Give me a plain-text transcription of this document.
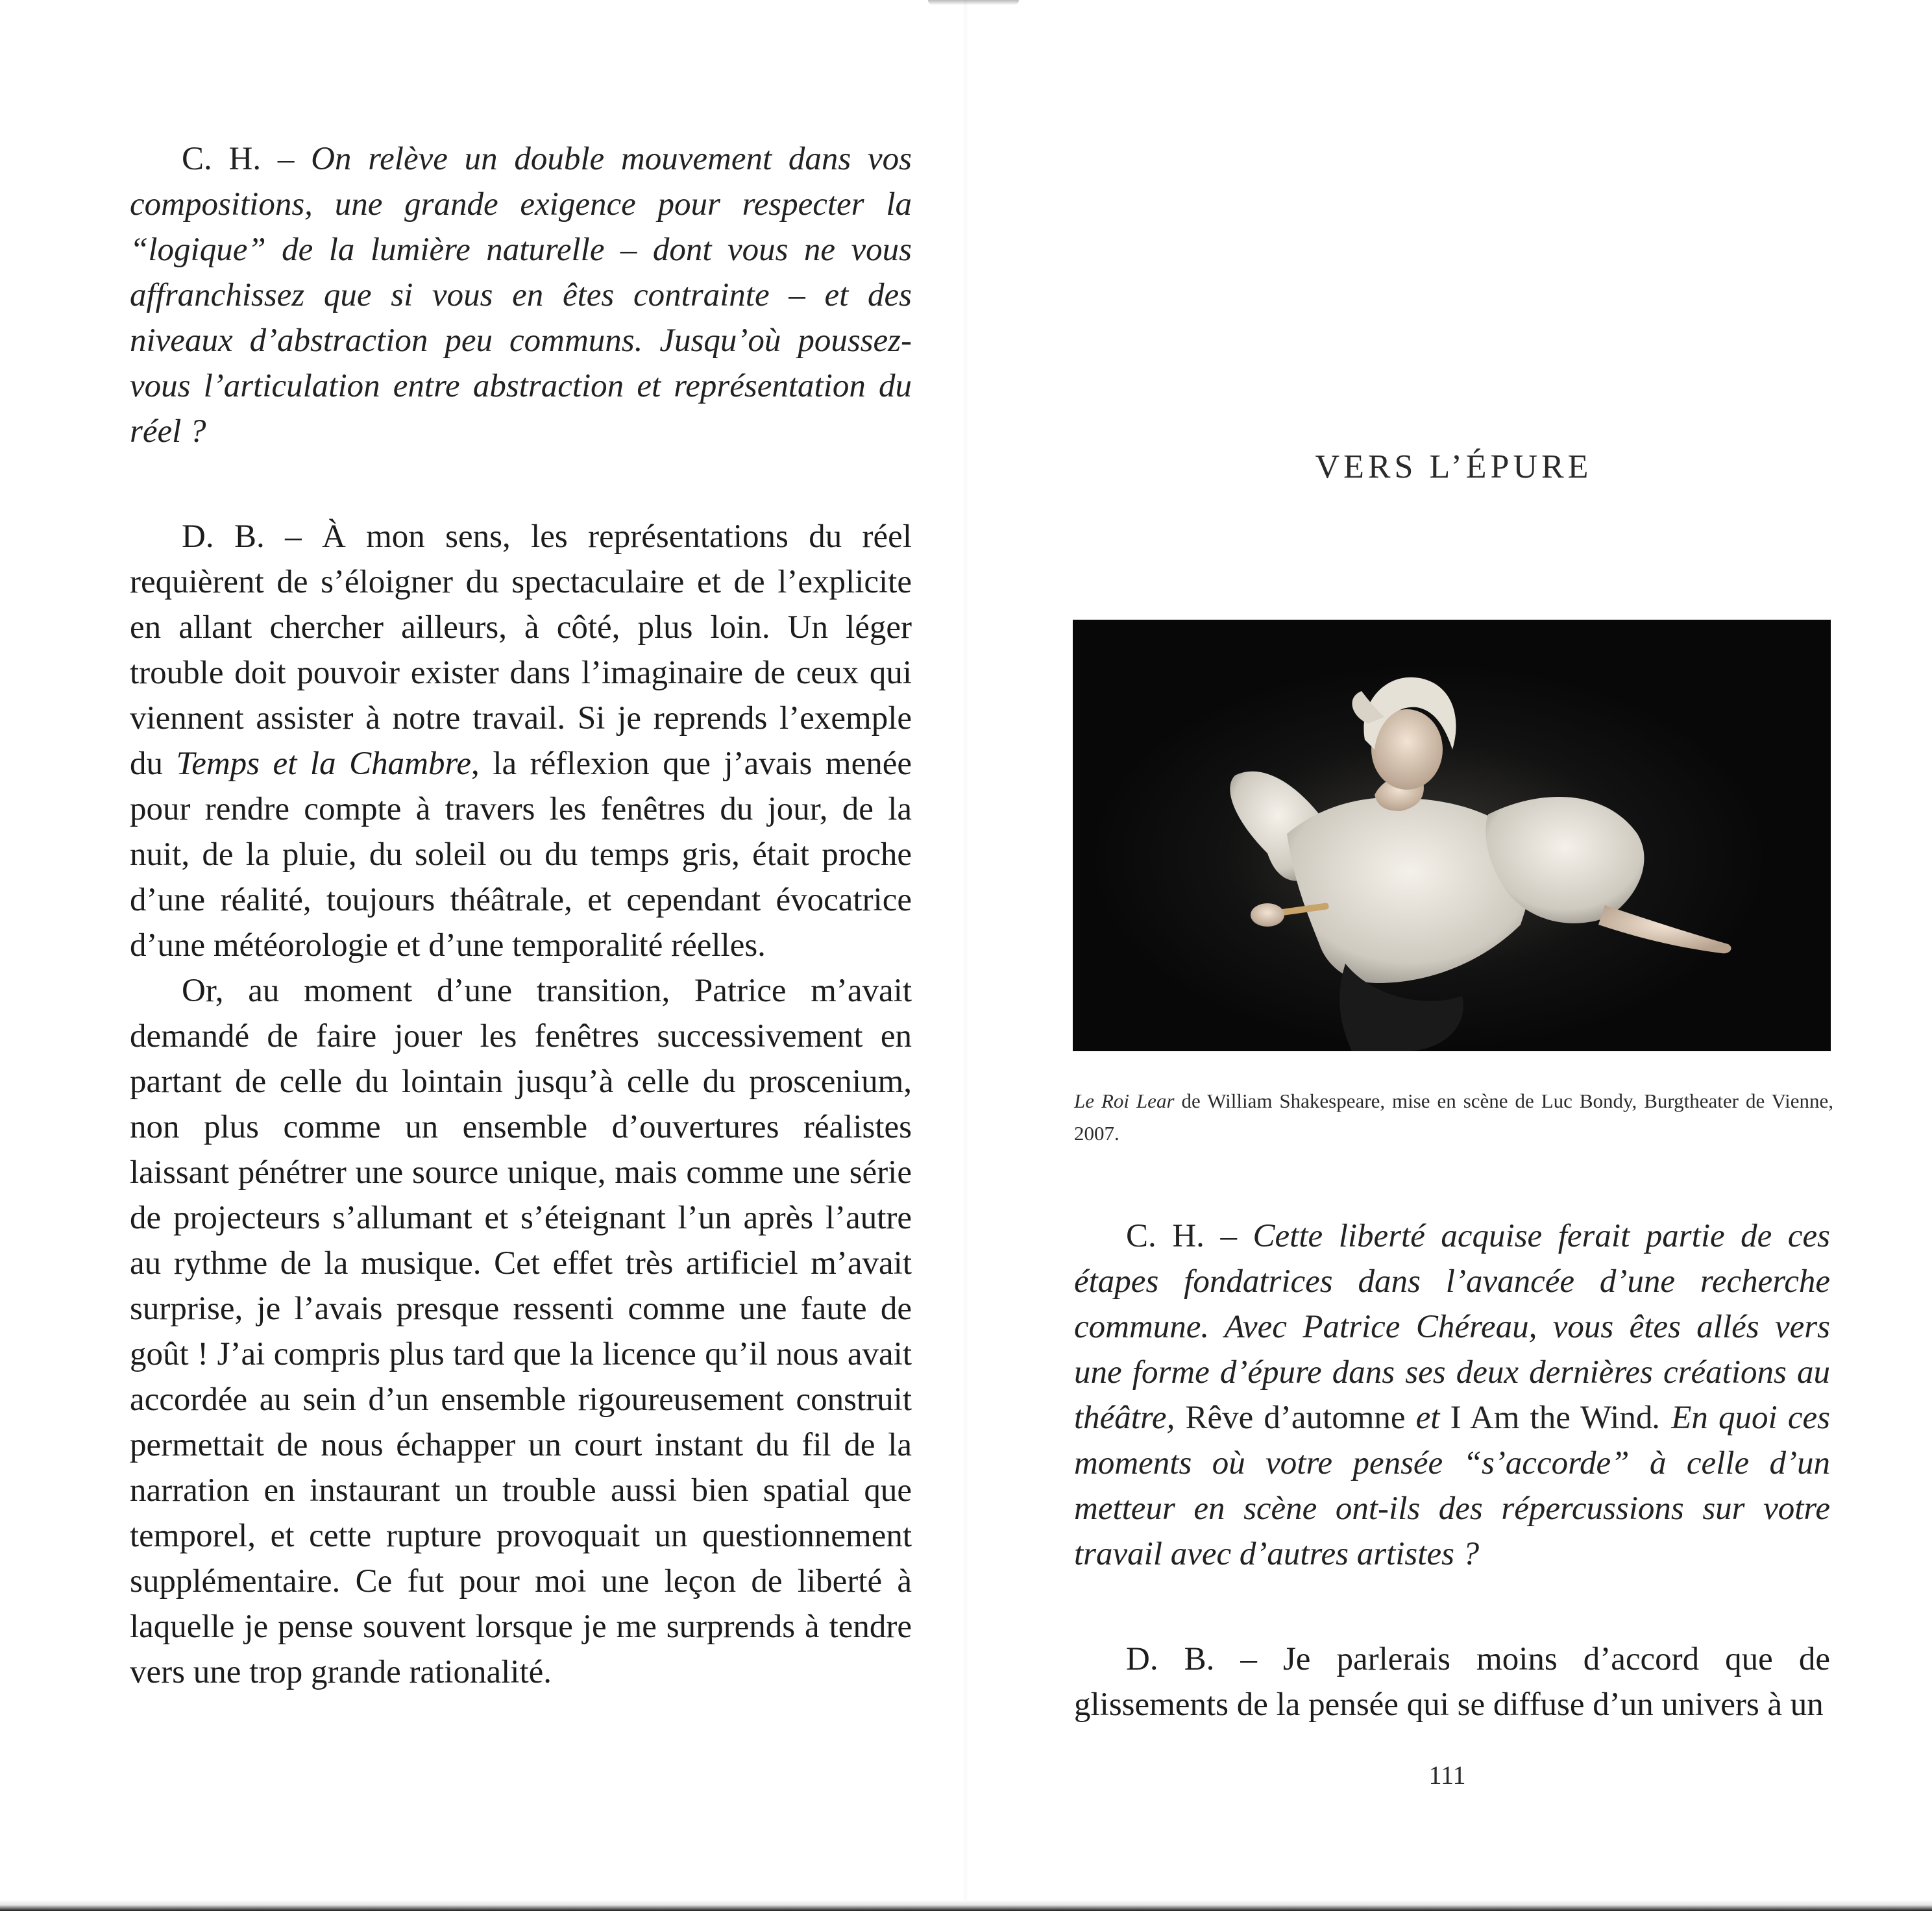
C. H. – On relève un double mouvement dans vos compositions, une grande exigence pour respecter la “logique” de la lumière naturelle – dont vous ne vous affranchissez que si vous en êtes contrainte – et des niveaux d’abstraction peu communs. Jusqu’où poussez-vous l’articulation entre abstraction et représentation du réel ?

D. B. – À mon sens, les représentations du réel requièrent de s’éloigner du spectaculaire et de l’explicite en allant chercher ailleurs, à côté, plus loin. Un léger trouble doit pouvoir exister dans l’imaginaire de ceux qui viennent assister à notre travail. Si je reprends l’exemple du Temps et la Chambre, la réflexion que j’avais menée pour rendre compte à travers les fenêtres du jour, de la nuit, de la pluie, du soleil ou du temps gris, était proche d’une réalité, toujours théâtrale, et cependant évocatrice d’une météorologie et d’une temporalité réelles.

Or, au moment d’une transition, Patrice m’avait demandé de faire jouer les fenêtres successivement en partant de celle du lointain jusqu’à celle du proscenium, non plus comme un ensemble d’ouvertures réalistes laissant pénétrer une source unique, mais comme une série de projecteurs s’allumant et s’éteignant l’un après l’autre au rythme de la musique. Cet effet très artificiel m’avait surprise, je l’avais presque ressenti comme une faute de goût ! J’ai compris plus tard que la licence qu’il nous avait accordée au sein d’un ensemble rigoureusement construit permettait de nous échapper un court instant du fil de la narration en instaurant un trouble aussi bien spatial que temporel, et cette rupture provoquait un questionnement supplémentaire. Ce fut pour moi une leçon de liberté à laquelle je pense souvent lorsque je me surprends à tendre vers une trop grande rationalité.

VERS L’ÉPURE
Le Roi Lear de William Shakespeare, mise en scène de Luc Bondy, Burgtheater de Vienne, 2007.

C. H. – Cette liberté acquise ferait partie de ces étapes fondatrices dans l’avancée d’une recherche commune. Avec Patrice Chéreau, vous êtes allés vers une forme d’épure dans ses deux dernières créations au théâtre, Rêve d’automne et I Am the Wind. En quoi ces moments où votre pensée “s’accorde” à celle d’un metteur en scène ont-ils des répercussions sur votre travail avec d’autres artistes ?

D. B. – Je parlerais moins d’accord que de glissements de la pensée qui se diffuse d’un univers à un

111
